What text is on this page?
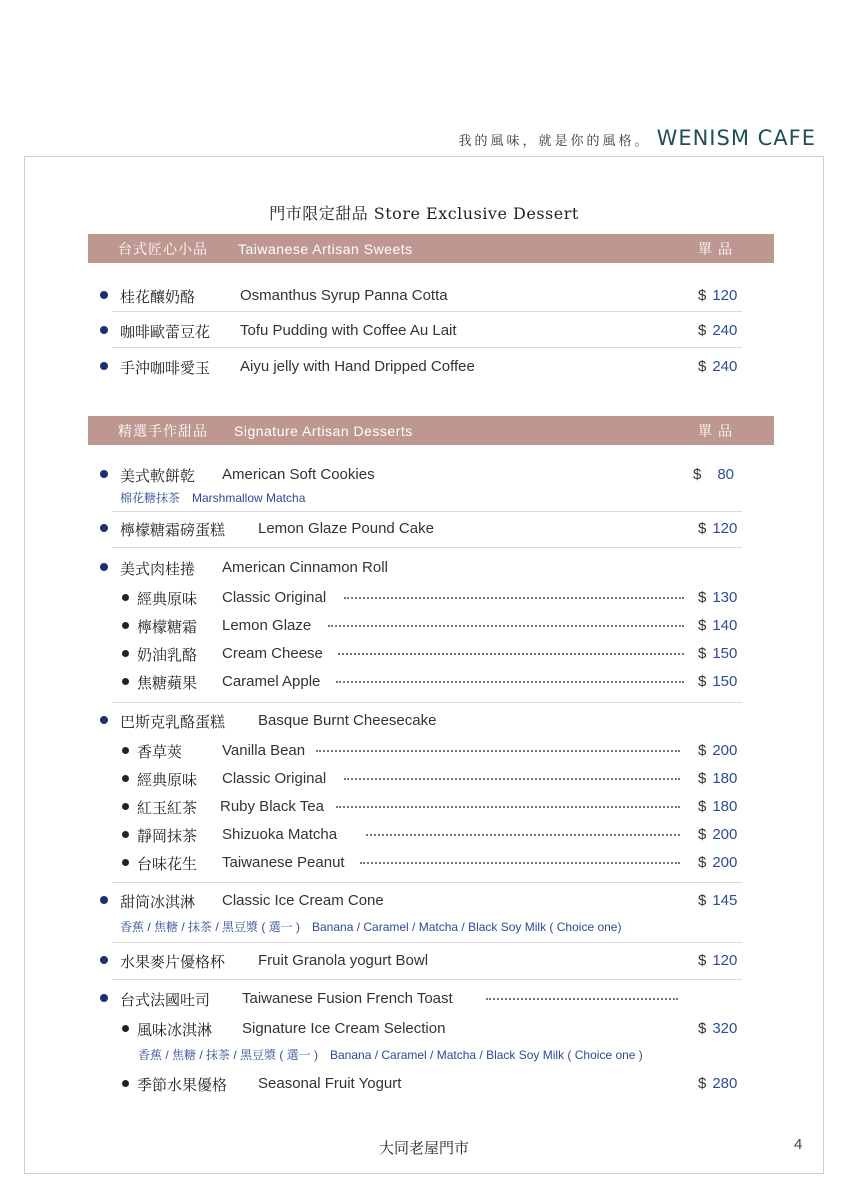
我的風味，就是你的風格。 WENISM CAFE
門市限定甜品 Store Exclusive Dessert
台式匠心小品 Taiwanese Artisan Sweets	單品
桂花釀奶酪	Osmanthus Syrup Panna Cotta	$ 120
咖啡歐蕾豆花 Tofu Pudding with Coffee Au Lait	$ 240
手沖咖啡愛玉 Aiyu jelly with Hand Dripped Coffee	$ 240
精選手作甜品 Signature Artisan Desserts	單品
美式軟餅乾 American Soft Cookies	$ 80
棉花糖抹茶　Marshmallow Matcha
檸檬糖霜磅蛋糕 Lemon Glaze Pound Cake	$ 120
美式肉桂捲 American Cinnamon Roll
經典原味 Classic Original	$ 130
檸檬糖霜 Lemon Glaze	$ 140
奶油乳酪 Cream Cheese	$ 150
焦糖蘋果 Caramel Apple	$ 150
巴斯克乳酪蛋糕 Basque Burnt Cheesecake
香草莢	Vanilla Bean	$ 200
經典原味 Classic Original	$ 180
紅玉紅茶 Ruby Black Tea	$ 180
靜岡抹茶 Shizuoka Matcha	$ 200
台味花生 Taiwanese Peanut	$ 200
甜筒冰淇淋 Classic Ice Cream Cone	$ 145
香蕉 / 焦糖 / 抹茶 / 黑豆漿 ( 選一 )　Banana / Caramel / Matcha / Black Soy Milk ( Choice one)
水果麥片優格杯 Fruit Granola yogurt Bowl	$ 120
台式法國吐司 Taiwanese Fusion French Toast
風味冰淇淋 Signature Ice Cream Selection	$ 320
香蕉 / 焦糖 / 抹茶 / 黑豆漿 ( 選一 )　Banana / Caramel / Matcha / Black Soy Milk ( Choice one )
季節水果優格 Seasonal Fruit Yogurt	$ 280
大同老屋門市	4
